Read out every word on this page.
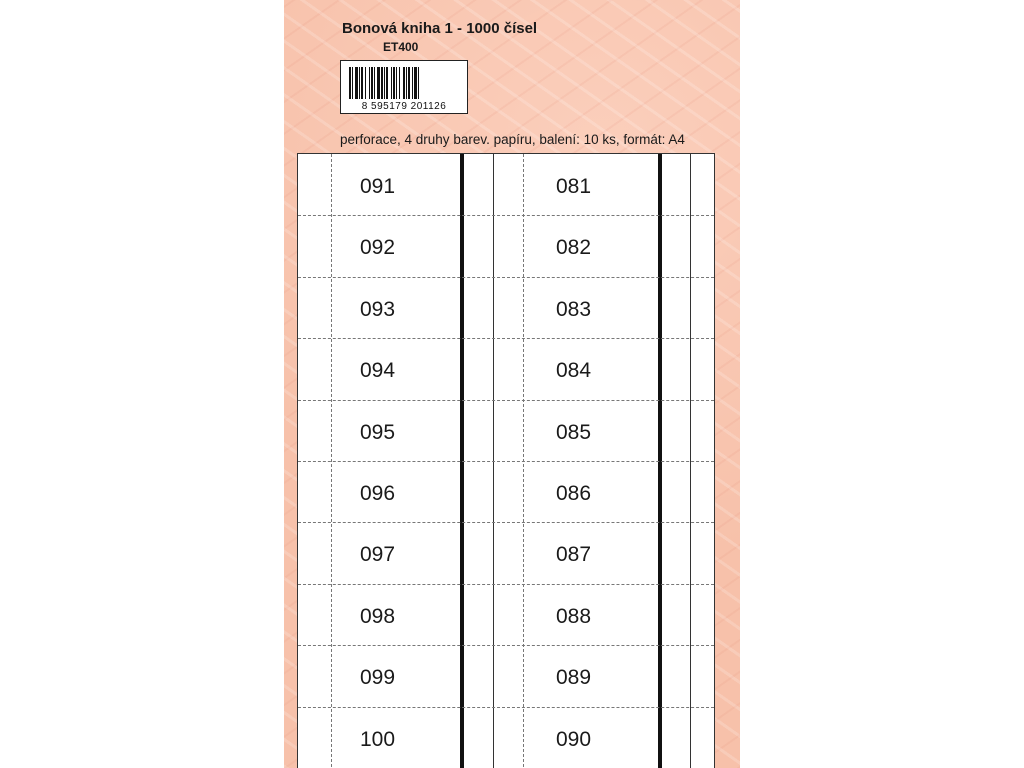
Bonová kniha 1 - 1000 čísel
ET400
8 595179 201126
perforace, 4 druhy barev. papíru, balení: 10 ks, formát: A4
091	081
092	082
093	083
094	084
095	085
096	086
097	087
098	088
099	089
100	090
